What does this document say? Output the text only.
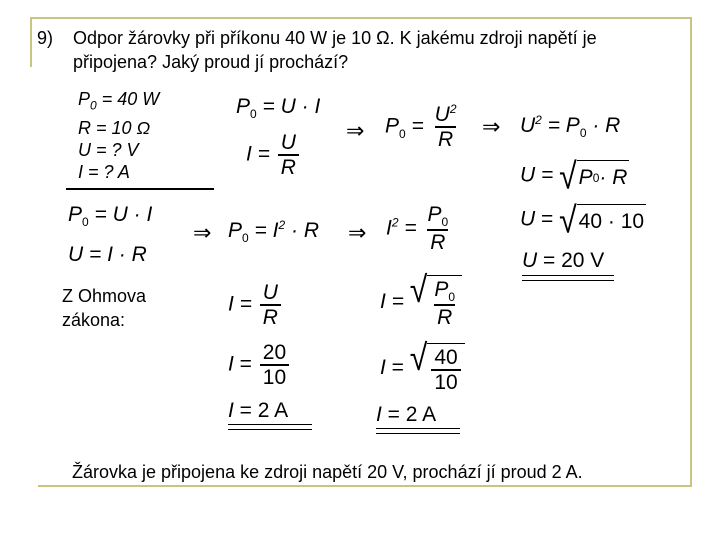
9) Odpor žárovky při příkonu 40 W je 10 Ω. K jakému zdroji napětí je
připojena? Jaký proud jí prochází?
$P_0 = 40$ W
R = 10 Ω
U = ? V
I = ? A
$P_0 = U \cdot I$
$I = \frac{U}{R}$
⇒ $P_0 = \frac{U^2}{R}$ ⇒ $U^2 = P_0 \cdot R$
U = √ P 0 · R
U = √ 40 · 10
U = 20 V
$P_0 = U \cdot I$
U = I · R
⇒ $P_0 = I^2 \cdot R$ ⇒ $I^2 = \frac{P_0}{R}$
Z Ohmova
zákona:
$I = \frac{U}{R}$
$I = \frac{20}{10}$
I = 2 A
I = √ $\frac{P_0}{R}$
I = √ $\frac{40}{10}$
I = 2 A
Žárovka je připojena ke zdroji napětí 20 V, prochází jí proud 2 A.
